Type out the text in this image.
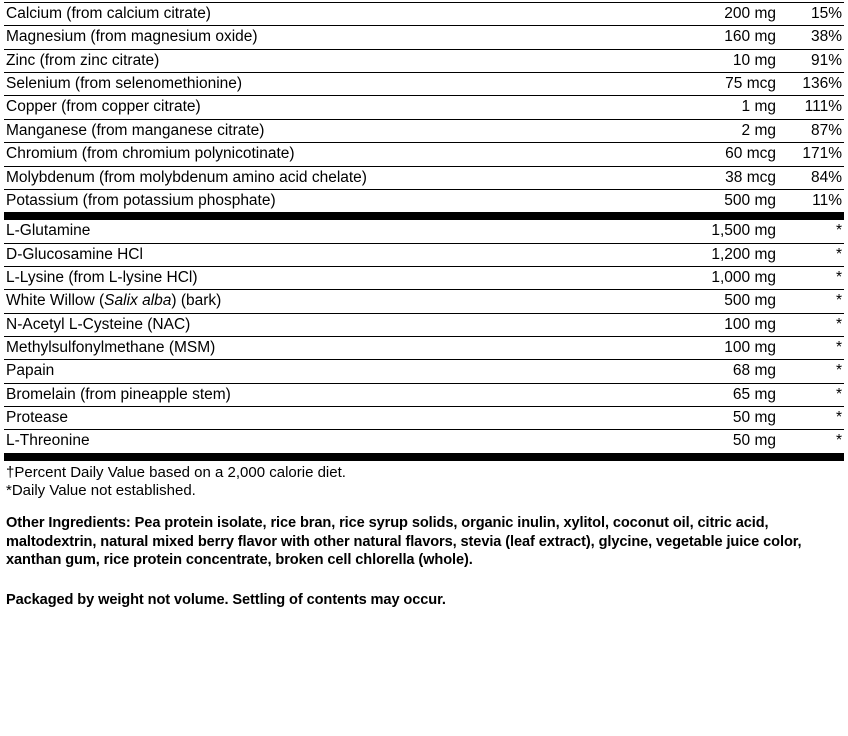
Calcium (from calcium citrate)	200 mg	15%
Magnesium (from magnesium oxide)	160 mg	38%
Zinc (from zinc citrate)	10 mg	91%
Selenium (from selenomethionine)	75 mcg	136%
Copper (from copper citrate)	1 mg	111%
Manganese (from manganese citrate)	2 mg	87%
Chromium (from chromium polynicotinate)	60 mcg	171%
Molybdenum (from molybdenum amino acid chelate)	38 mcg	84%
Potassium (from potassium phosphate)	500 mg	11%

L-Glutamine	1,500 mg	*
D-Glucosamine HCl	1,200 mg	*
L-Lysine (from L-lysine HCl)	1,000 mg	*
White Willow (Salix alba) (bark)	500 mg	*
N-Acetyl L-Cysteine (NAC)	100 mg	*
Methylsulfonylmethane (MSM)	100 mg	*
Papain	68 mg	*
Bromelain (from pineapple stem)	65 mg	*
Protease	50 mg	*
L-Threonine	50 mg	*

†Percent Daily Value based on a 2,000 calorie diet.
*Daily Value not established.
Other Ingredients: Pea protein isolate, rice bran, rice syrup solids, organic inulin, xylitol, coconut oil, citric acid, maltodextrin, natural mixed berry flavor with other natural flavors, stevia (leaf extract), glycine, vegetable juice color, xanthan gum, rice protein concentrate, broken cell chlorella (whole).
Packaged by weight not volume. Settling of contents may occur.
